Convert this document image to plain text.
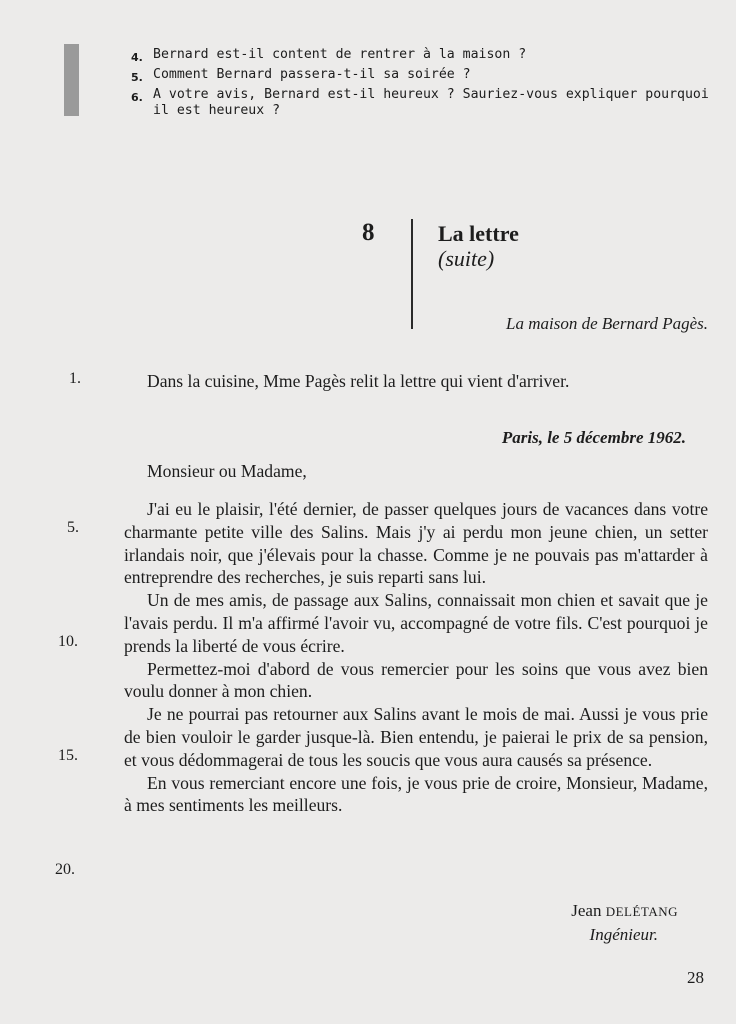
4. Bernard est-il content de rentrer à la maison ?
5. Comment Bernard passera-t-il sa soirée ?
6. A votre avis, Bernard est-il heureux ? Sauriez-vous expliquer pourquoi il est heureux ?
8	La lettre
(suite)
La maison de Bernard Pagès.
1.
5.
10.
15.
20.
Dans la cuisine, Mme Pagès relit la lettre qui vient d'arriver.
Paris, le 5 décembre 1962.
Monsieur ou Madame,

J'ai eu le plaisir, l'été dernier, de passer quelques jours de vacances dans votre charmante petite ville des Salins. Mais j'y ai perdu mon jeune chien, un setter irlandais noir, que j'élevais pour la chasse. Comme je ne pouvais pas m'attarder à entreprendre des recherches, je suis reparti sans lui.

Un de mes amis, de passage aux Salins, connaissait mon chien et savait que je l'avais perdu. Il m'a affirmé l'avoir vu, accompagné de votre fils. C'est pourquoi je prends la liberté de vous écrire.

Permettez-moi d'abord de vous remercier pour les soins que vous avez bien voulu donner à mon chien.

Je ne pourrai pas retourner aux Salins avant le mois de mai. Aussi je vous prie de bien vouloir le garder jusque-là. Bien entendu, je paierai le prix de sa pension, et vous dédommagerai de tous les soucis que vous aura causés sa présence.

En vous remerciant encore une fois, je vous prie de croire, Monsieur, Madame, à mes sentiments les meilleurs.

Jean DELÉTANG
Ingénieur.
28
